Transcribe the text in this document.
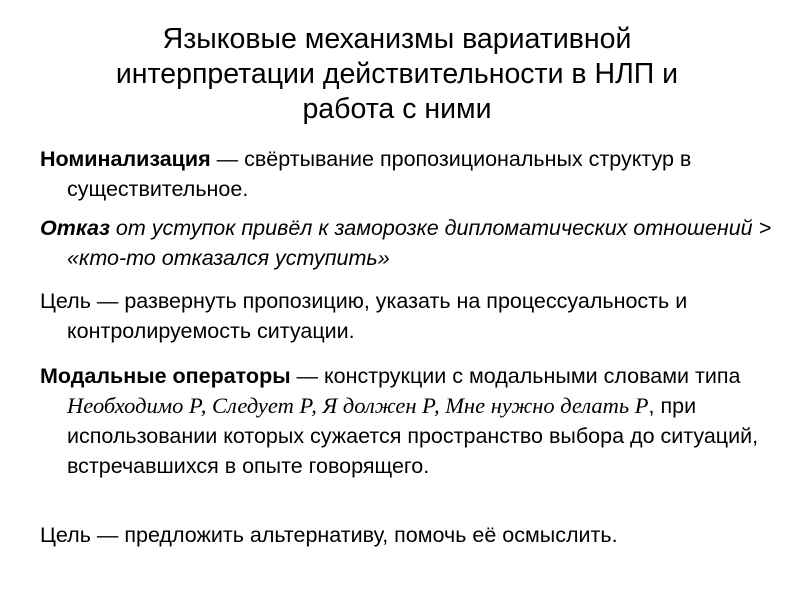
Языковые механизмы вариативной
интерпретации действительности в НЛП и
работа с ними
Номинализация — свёртывание пропозициональных структур в существительное.
Отказ от уступок привёл к заморозке дипломатических отношений > «кто-то отказался уступить»
Цель — развернуть пропозицию, указать на процессуальность и контролируемость ситуации.
Модальные операторы — конструкции с модальными словами типа Необходимо Р, Следует Р, Я должен Р, Мне нужно делать Р, при использовании которых сужается пространство выбора до ситуаций, встречавшихся в опыте говорящего.
Цель — предложить альтернативу, помочь её осмыслить.
